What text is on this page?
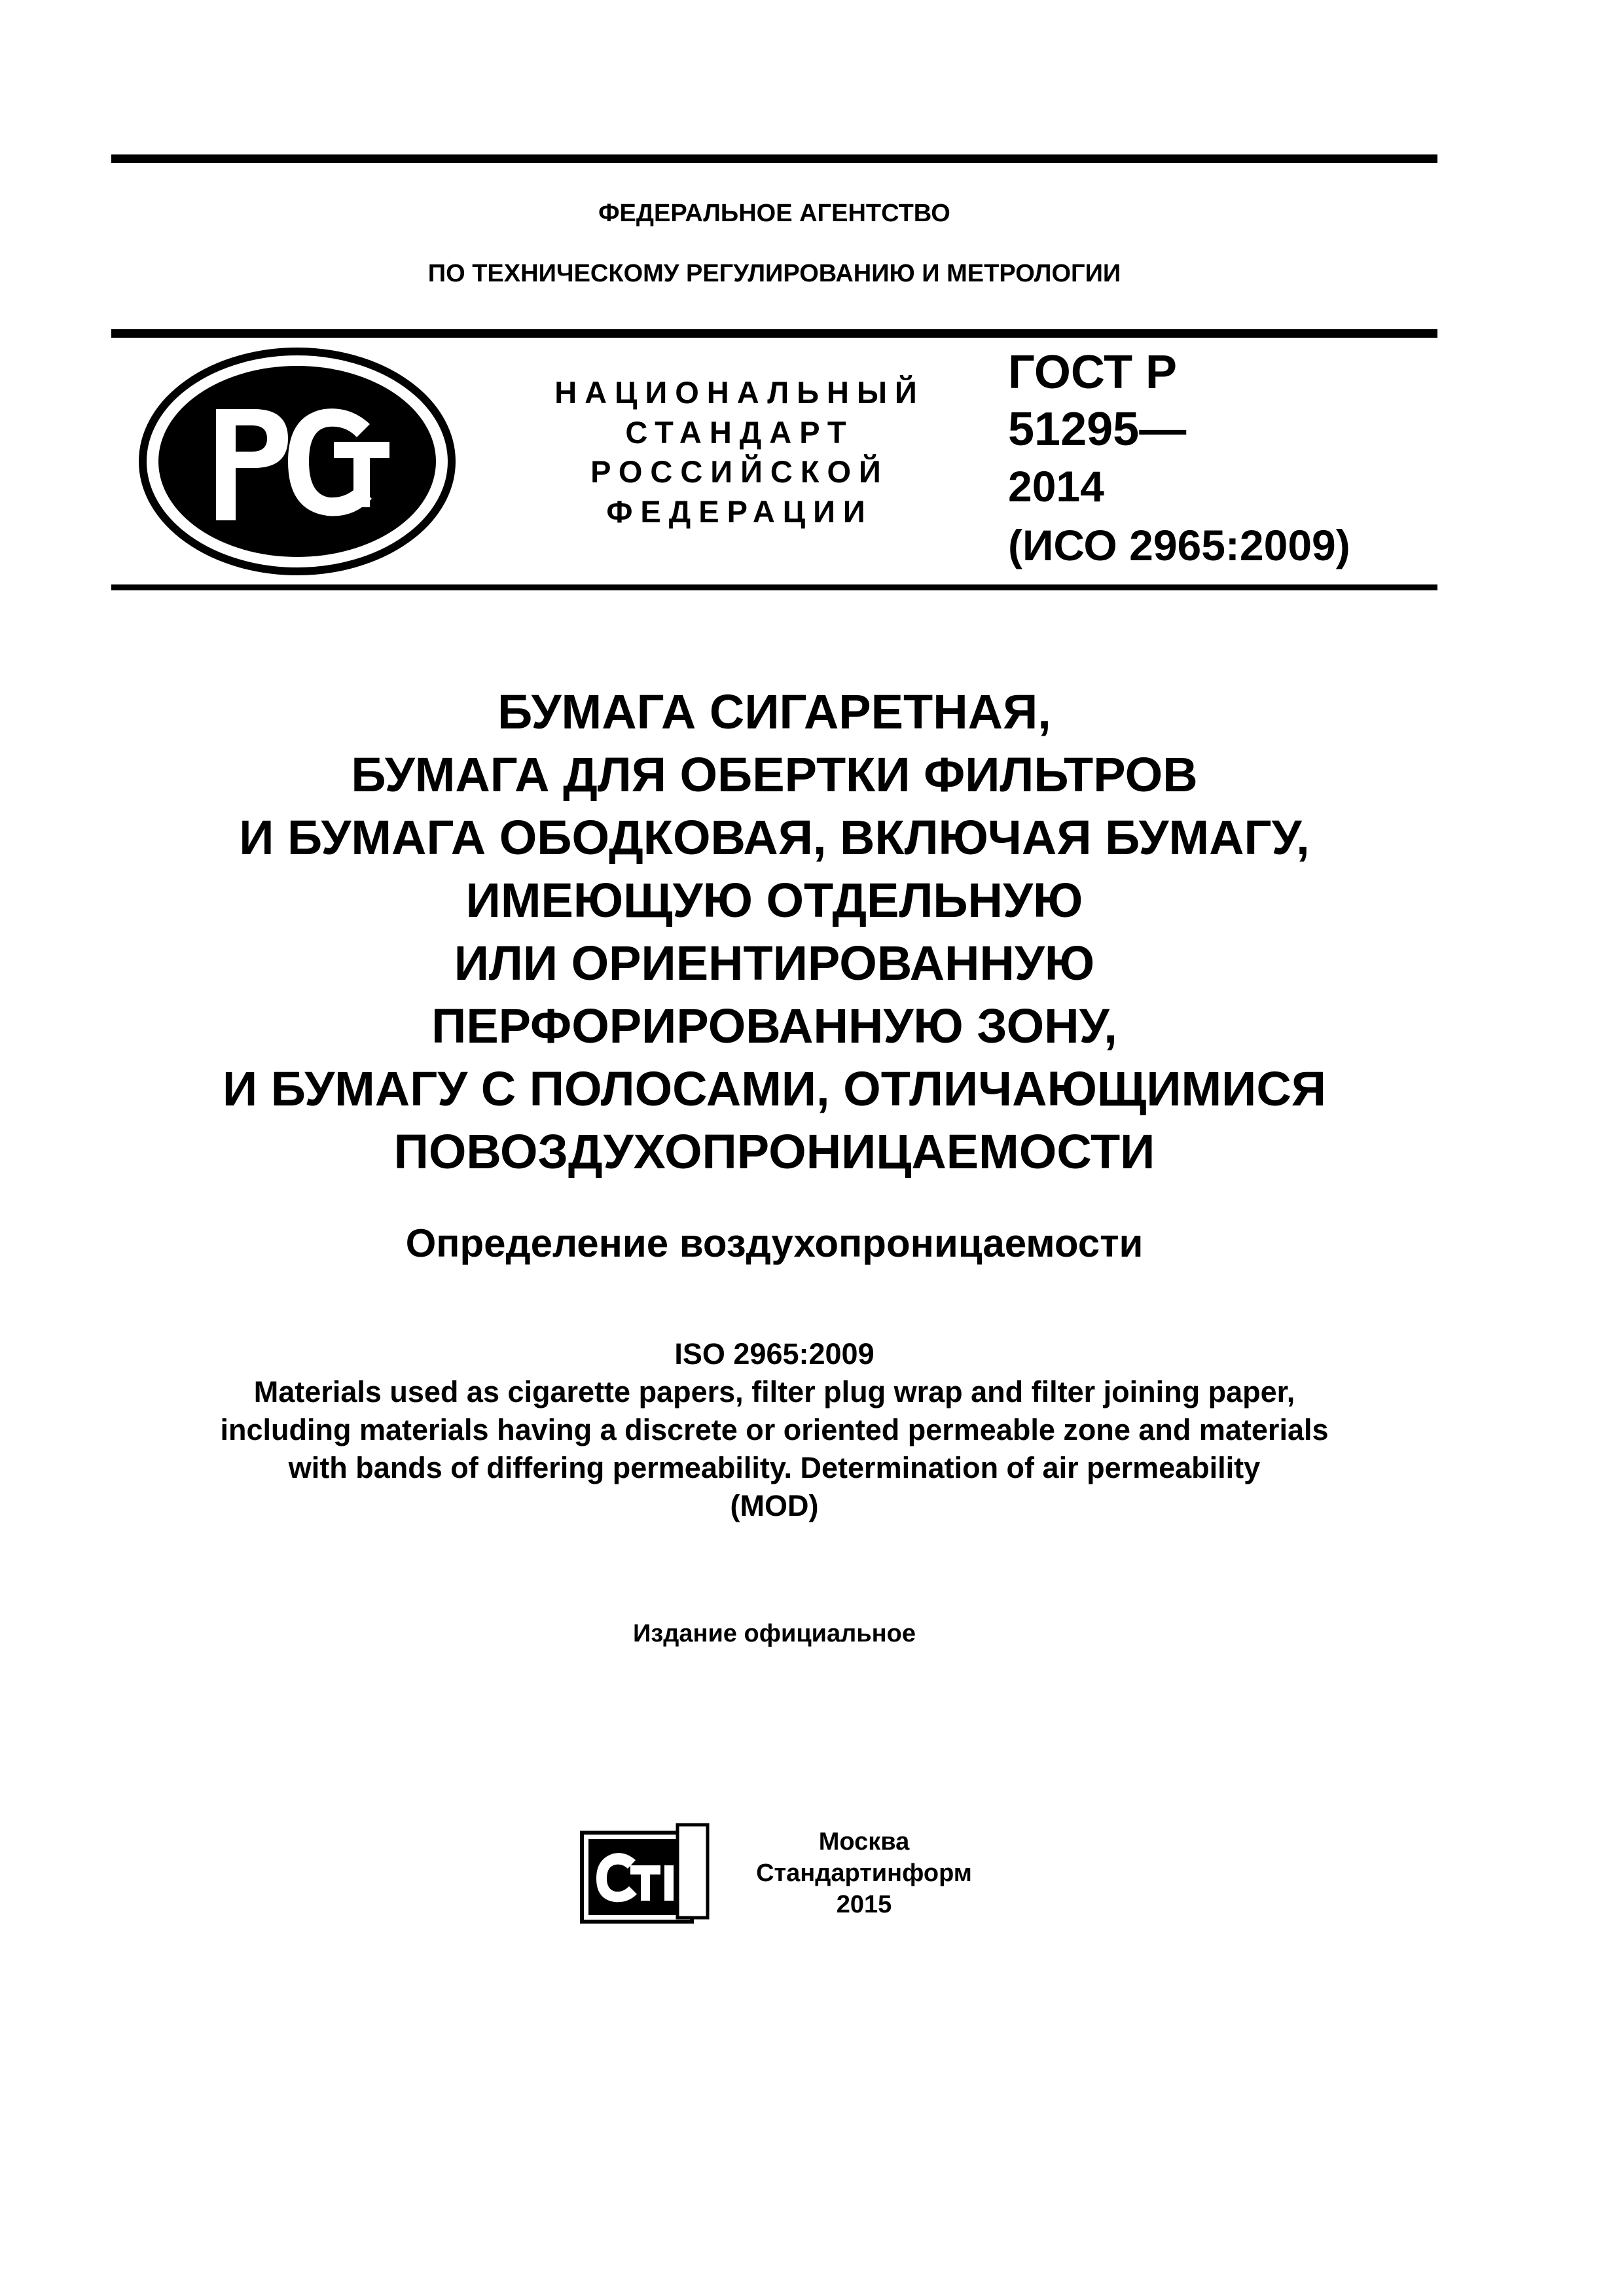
ФЕДЕРАЛЬНОЕ АГЕНТСТВО
ПО ТЕХНИЧЕСКОМУ РЕГУЛИРОВАНИЮ И МЕТРОЛОГИИ
НАЦИОНАЛЬНЫЙ
СТАНДАРТ
РОССИЙСКОЙ
ФЕДЕРАЦИИ
ГОСТ Р
51295—
2014
(ИСО 2965:2009)
БУМАГА СИГАРЕТНАЯ,
БУМАГА ДЛЯ ОБЕРТКИ ФИЛЬТРОВ
И БУМАГА ОБОДКОВАЯ, ВКЛЮЧАЯ БУМАГУ,
ИМЕЮЩУЮ ОТДЕЛЬНУЮ
ИЛИ ОРИЕНТИРОВАННУЮ
ПЕРФОРИРОВАННУЮ ЗОНУ,
И БУМАГУ С ПОЛОСАМИ, ОТЛИЧАЮЩИМИСЯ
ПОВОЗДУХОПРОНИЦАЕМОСТИ
Определение воздухопроницаемости
ISO 2965:2009
Materials used as cigarette papers, filter plug wrap and filter joining paper,
including materials having a discrete or oriented permeable zone and materials
with bands of differing permeability. Determination of air permeability
(MOD)
Издание официальное
Москва
Стандартинформ
2015
